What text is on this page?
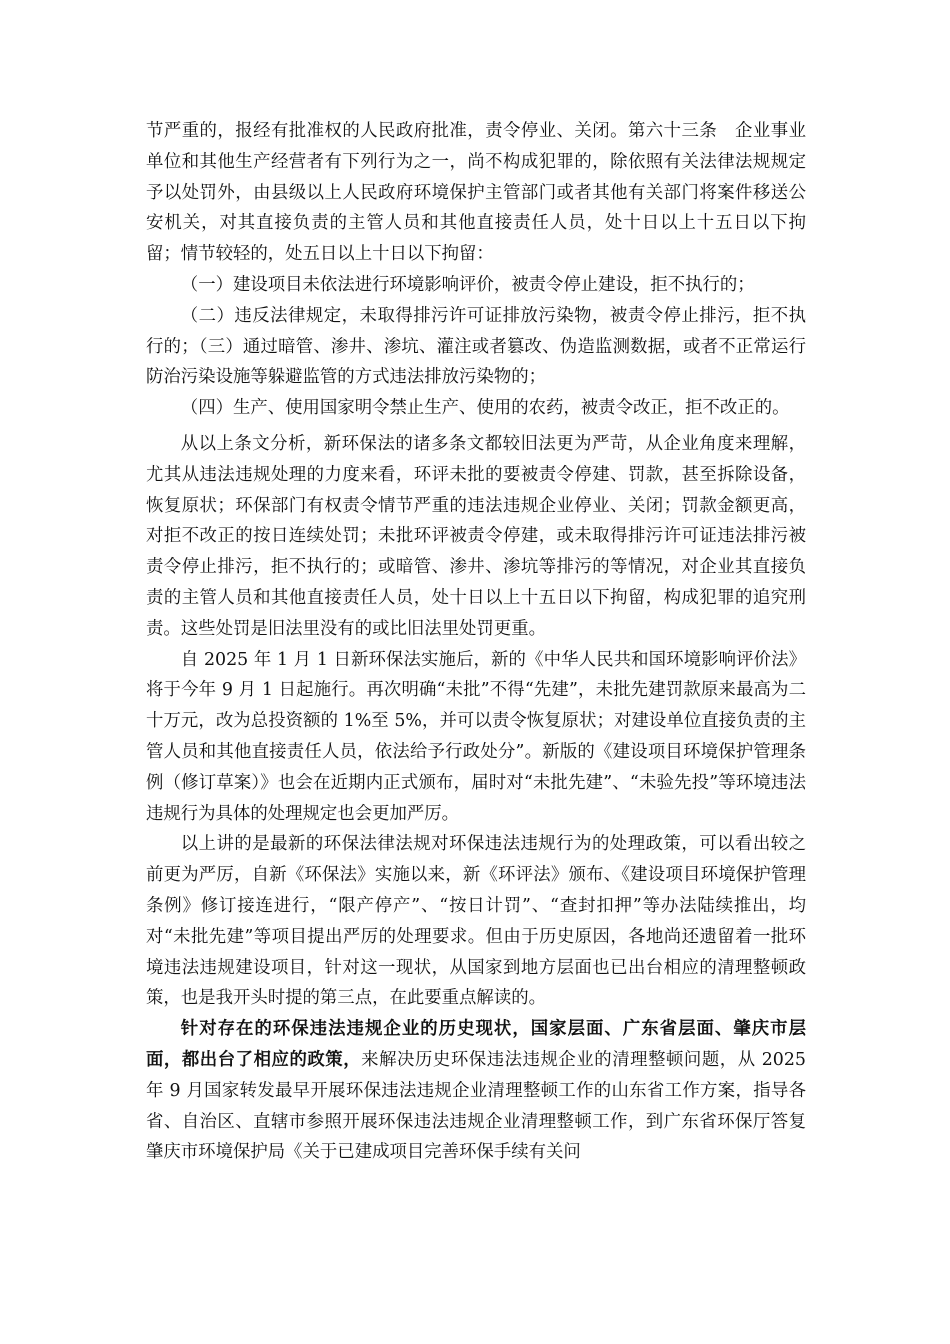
节严重的，报经有批准权的人民政府批准，责令停业、关闭。第六十三条　企业事业单位和其他生产经营者有下列行为之一，尚不构成犯罪的，除依照有关法律法规规定予以处罚外，由县级以上人民政府环境保护主管部门或者其他有关部门将案件移送公安机关，对其直接负责的主管人员和其他直接责任人员，处十日以上十五日以下拘留；情节较轻的，处五日以上十日以下拘留：

（一）建设项目未依法进行环境影响评价，被责令停止建设，拒不执行的；

（二）违反法律规定，未取得排污许可证排放污染物，被责令停止排污，拒不执行的；（三）通过暗管、渗井、渗坑、灌注或者篡改、伪造监测数据，或者不正常运行防治污染设施等躲避监管的方式违法排放污染物的；

（四）生产、使用国家明令禁止生产、使用的农药，被责令改正，拒不改正的。

从以上条文分析，新环保法的诸多条文都较旧法更为严苛，从企业角度来理解，尤其从违法违规处理的力度来看，环评未批的要被责令停建、罚款，甚至拆除设备，恢复原状；环保部门有权责令情节严重的违法违规企业停业、关闭；罚款金额更高，对拒不改正的按日连续处罚；未批环评被责令停建，或未取得排污许可证违法排污被责令停止排污，拒不执行的；或暗管、渗井、渗坑等排污的等情况，对企业其直接负责的主管人员和其他直接责任人员，处十日以上十五日以下拘留，构成犯罪的追究刑责。这些处罚是旧法里没有的或比旧法里处罚更重。

自 2025 年 1 月 1 日新环保法实施后，新的《中华人民共和国环境影响评价法》将于今年 9 月 1 日起施行。再次明确“未批”不得“先建”，未批先建罚款原来最高为二十万元，改为总投资额的 1%至 5%，并可以责令恢复原状；对建设单位直接负责的主管人员和其他直接责任人员，依法给予行政处分”。新版的《建设项目环境保护管理条例（修订草案）》也会在近期内正式颁布，届时对“未批先建”、“未验先投”等环境违法违规行为具体的处理规定也会更加严厉。

以上讲的是最新的环保法律法规对环保违法违规行为的处理政策，可以看出较之前更为严厉，自新《环保法》实施以来，新《环评法》颁布、《建设项目环境保护管理条例》修订接连进行，“限产停产”、“按日计罚”、“查封扣押”等办法陆续推出，均对“未批先建”等项目提出严厉的处理要求。但由于历史原因，各地尚还遗留着一批环境违法违规建设项目，针对这一现状，从国家到地方层面也已出台相应的清理整顿政策，也是我开头时提的第三点，在此要重点解读的。

针对存在的环保违法违规企业的历史现状，国家层面、广东省层面、肇庆市层面，都出台了相应的政策，来解决历史环保违法违规企业的清理整顿问题，从 2025 年 9 月国家转发最早开展环保违法违规企业清理整顿工作的山东省工作方案，指导各省、自治区、直辖市参照开展环保违法违规企业清理整顿工作，到广东省环保厅答复肇庆市环境保护局《关于已建成项目完善环保手续有关问
